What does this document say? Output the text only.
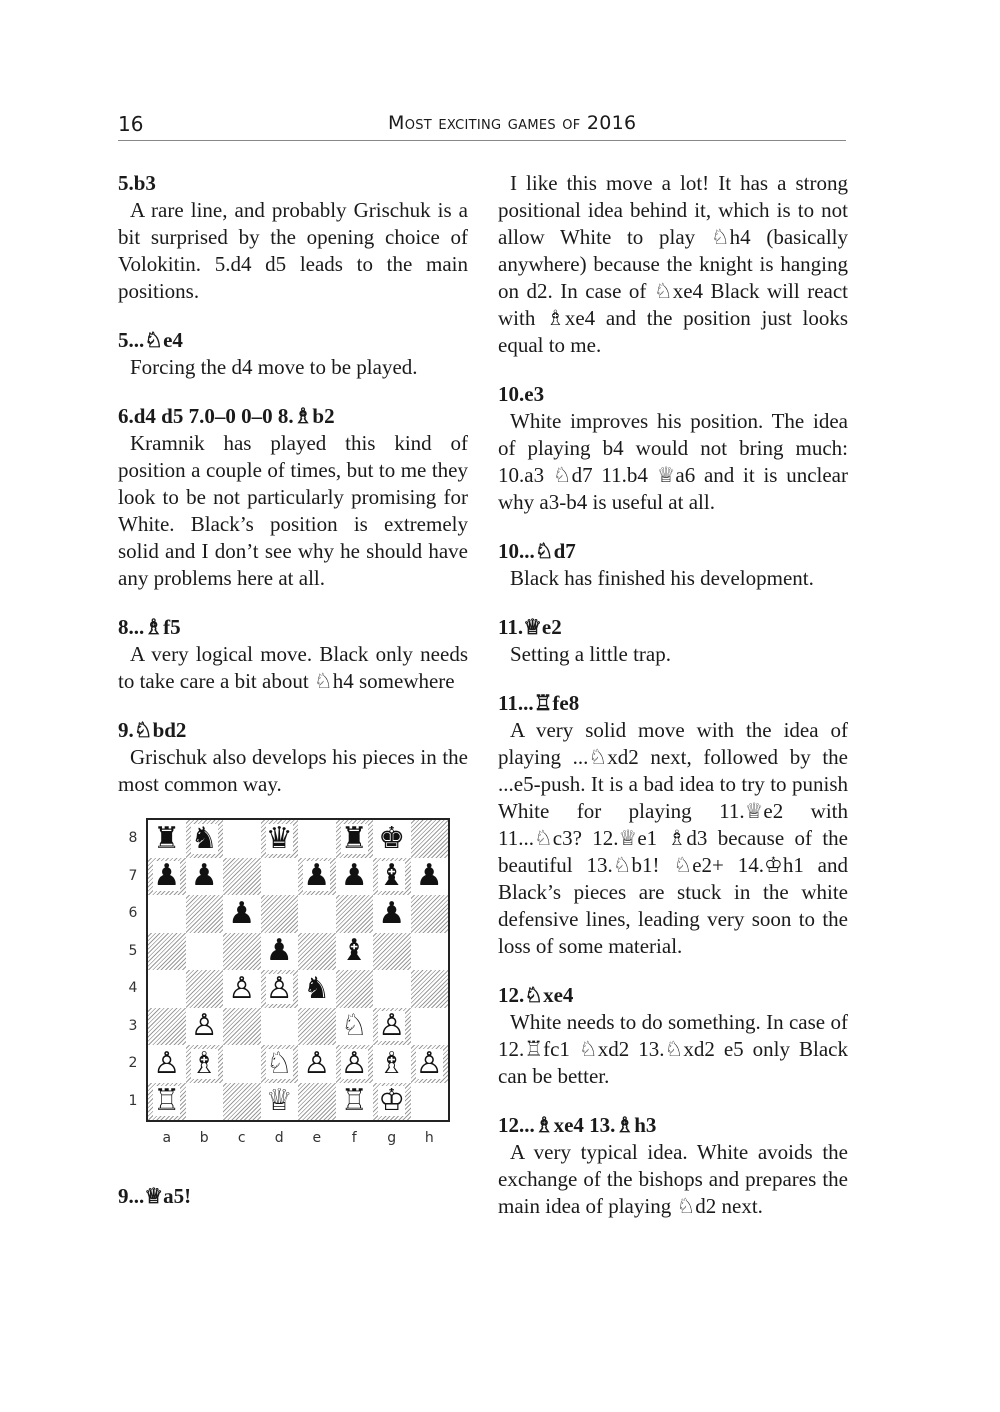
16	Most exciting games of 2016

5.b3

A rare line, and probably Grischuk is a bit surprised by the opening choice of Volokitin. 5.d4 d5 leads to the main positions.

5...♘e4

Forcing the d4 move to be played.

6.d4 d5 7.0–0 0–0 8.♗b2

Kramnik has played this kind of position a couple of times, but to me they look to be not particularly promising for White. Black’s position is extremely solid and I don’t see why he should have any problems here at all.

8...♗f5

A very logical move. Black only needs to take care a bit about ♘h4 somewhere

9.♘bd2

Grischuk also develops his pieces in the most common way.

♜ ♞ ♛ ♜ ♚
♟ ♟	♟ ♟ ♝ ♟
♟	♟
♟ ♝
♙ ♙ ♞
♙	♘ ♙
♙ ♗ ♘ ♙ ♙ ♗ ♙
♖	♕ ♖ ♔
8
7
6
5
4
3
2
1
a	b	c	d	e	f	g	h

9...♕a5!

I like this move a lot! It has a strong positional idea behind it, which is to not allow White to play ♘h4 (basically anywhere) because the knight is hanging on d2. In case of ♘xe4 Black will react with ♗xe4 and the position just looks equal to me.

10.e3

White improves his position. The idea of playing b4 would not bring much: 10.a3 ♘d7 11.b4 ♕a6 and it is unclear why a3-b4 is useful at all.

10...♘d7

Black has finished his development.

11.♕e2

Setting a little trap.

11...♖fe8

A very solid move with the idea of playing ...♘xd2 next, followed by the ...e5-push. It is a bad idea to try to punish White for playing 11.♕e2 with 11...♘c3? 12.♕e1 ♗d3 because of the beautiful 13.♘b1! ♘e2+ 14.♔h1 and Black’s pieces are stuck in the white defensive lines, leading very soon to the loss of some material.

12.♘xe4

White needs to do something. In case of 12.♖fc1 ♘xd2 13.♘xd2 e5 only Black can be better.

12...♗xe4 13.♗h3

A very typical idea. White avoids the exchange of the bishops and prepares the main idea of playing ♘d2 next.
